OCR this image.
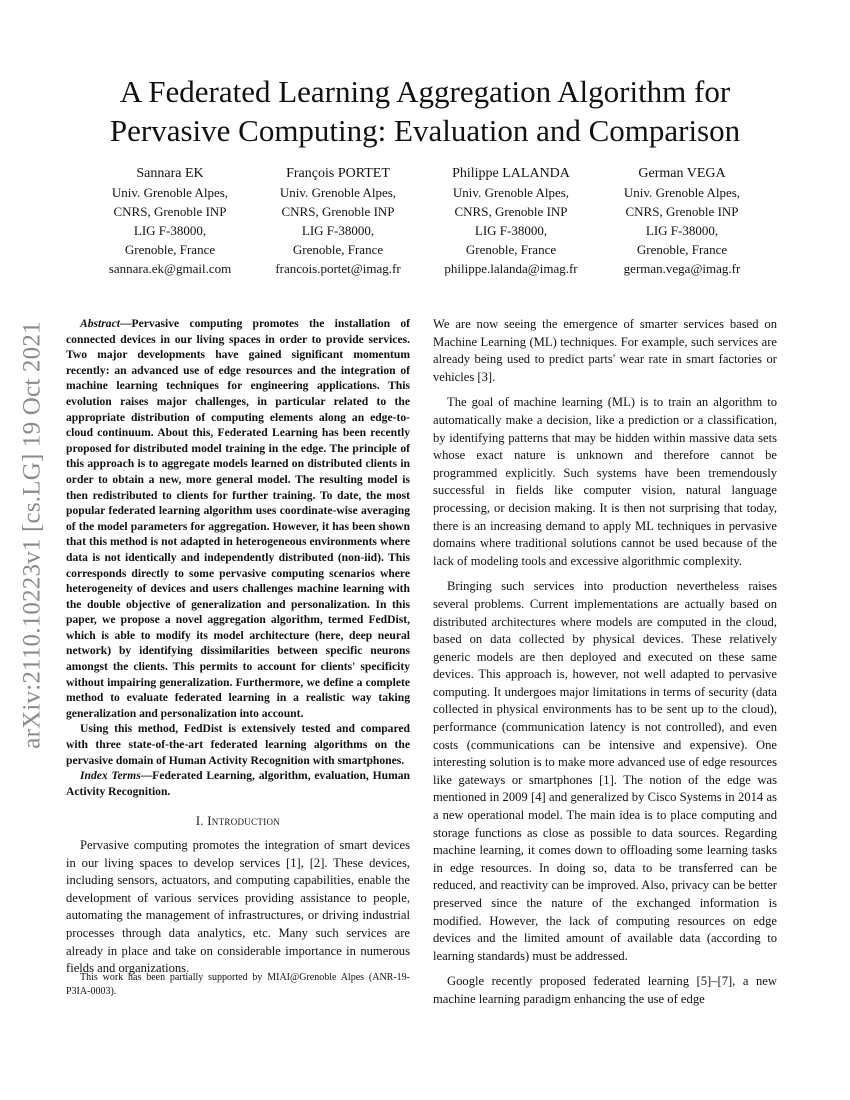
arXiv:2110.10223v1 [cs.LG] 19 Oct 2021
A Federated Learning Aggregation Algorithm for
Pervasive Computing: Evaluation and Comparison
Sannara EK
Univ. Grenoble Alpes,
CNRS, Grenoble INP
LIG F-38000,
Grenoble, France
sannara.ek@gmail.com
François PORTET
Univ. Grenoble Alpes,
CNRS, Grenoble INP
LIG F-38000,
Grenoble, France
francois.portet@imag.fr
Philippe LALANDA
Univ. Grenoble Alpes,
CNRS, Grenoble INP
LIG F-38000,
Grenoble, France
philippe.lalanda@imag.fr
German VEGA
Univ. Grenoble Alpes,
CNRS, Grenoble INP
LIG F-38000,
Grenoble, France
german.vega@imag.fr

Abstract—Pervasive computing promotes the installation of connected devices in our living spaces in order to provide services. Two major developments have gained significant momentum recently: an advanced use of edge resources and the integration of machine learning techniques for engineering applications. This evolution raises major challenges, in particular related to the appropriate distribution of computing elements along an edge-to-cloud continuum. About this, Federated Learning has been recently proposed for distributed model training in the edge. The principle of this approach is to aggregate models learned on distributed clients in order to obtain a new, more general model. The resulting model is then redistributed to clients for further training. To date, the most popular federated learning algorithm uses coordinate-wise averaging of the model parameters for aggregation. However, it has been shown that this method is not adapted in heterogeneous environments where data is not identically and independently distributed (non-iid). This corresponds directly to some pervasive computing scenarios where heterogeneity of devices and users challenges machine learning with the double objective of generalization and personalization. In this paper, we propose a novel aggregation algorithm, termed FedDist, which is able to modify its model architecture (here, deep neural network) by identifying dissimilarities between specific neurons amongst the clients. This permits to account for clients' specificity without impairing generalization. Furthermore, we define a complete method to evaluate federated learning in a realistic way taking generalization and personalization into account.

Using this method, FedDist is extensively tested and compared with three state-of-the-art federated learning algorithms on the pervasive domain of Human Activity Recognition with smartphones.

Index Terms—Federated Learning, algorithm, evaluation, Human Activity Recognition.

I. Introduction

Pervasive computing promotes the integration of smart devices in our living spaces to develop services [1], [2]. These devices, including sensors, actuators, and computing capabilities, enable the development of various services providing assistance to people, automating the management of infrastructures, or driving industrial processes through data analytics, etc. Many such services are already in place and take on considerable importance in numerous fields and organizations.

This work has been partially supported by MIAI@Grenoble Alpes (ANR-19-P3IA-0003).

We are now seeing the emergence of smarter services based on Machine Learning (ML) techniques. For example, such services are already being used to predict parts' wear rate in smart factories or vehicles [3].

The goal of machine learning (ML) is to train an algorithm to automatically make a decision, like a prediction or a classification, by identifying patterns that may be hidden within massive data sets whose exact nature is unknown and therefore cannot be programmed explicitly. Such systems have been tremendously successful in fields like computer vision, natural language processing, or decision making. It is then not surprising that today, there is an increasing demand to apply ML techniques in pervasive domains where traditional solutions cannot be used because of the lack of modeling tools and excessive algorithmic complexity.

Bringing such services into production nevertheless raises several problems. Current implementations are actually based on distributed architectures where models are computed in the cloud, based on data collected by physical devices. These relatively generic models are then deployed and executed on these same devices. This approach is, however, not well adapted to pervasive computing. It undergoes major limitations in terms of security (data collected in physical environments has to be sent up to the cloud), performance (communication latency is not controlled), and even costs (communications can be intensive and expensive). One interesting solution is to make more advanced use of edge resources like gateways or smartphones [1]. The notion of the edge was mentioned in 2009 [4] and generalized by Cisco Systems in 2014 as a new operational model. The main idea is to place computing and storage functions as close as possible to data sources. Regarding machine learning, it comes down to offloading some learning tasks in edge resources. In doing so, data to be transferred can be reduced, and reactivity can be improved. Also, privacy can be better preserved since the nature of the exchanged information is modified. However, the lack of computing resources on edge devices and the limited amount of available data (according to learning standards) must be addressed.

Google recently proposed federated learning [5]–[7], a new machine learning paradigm enhancing the use of edge
